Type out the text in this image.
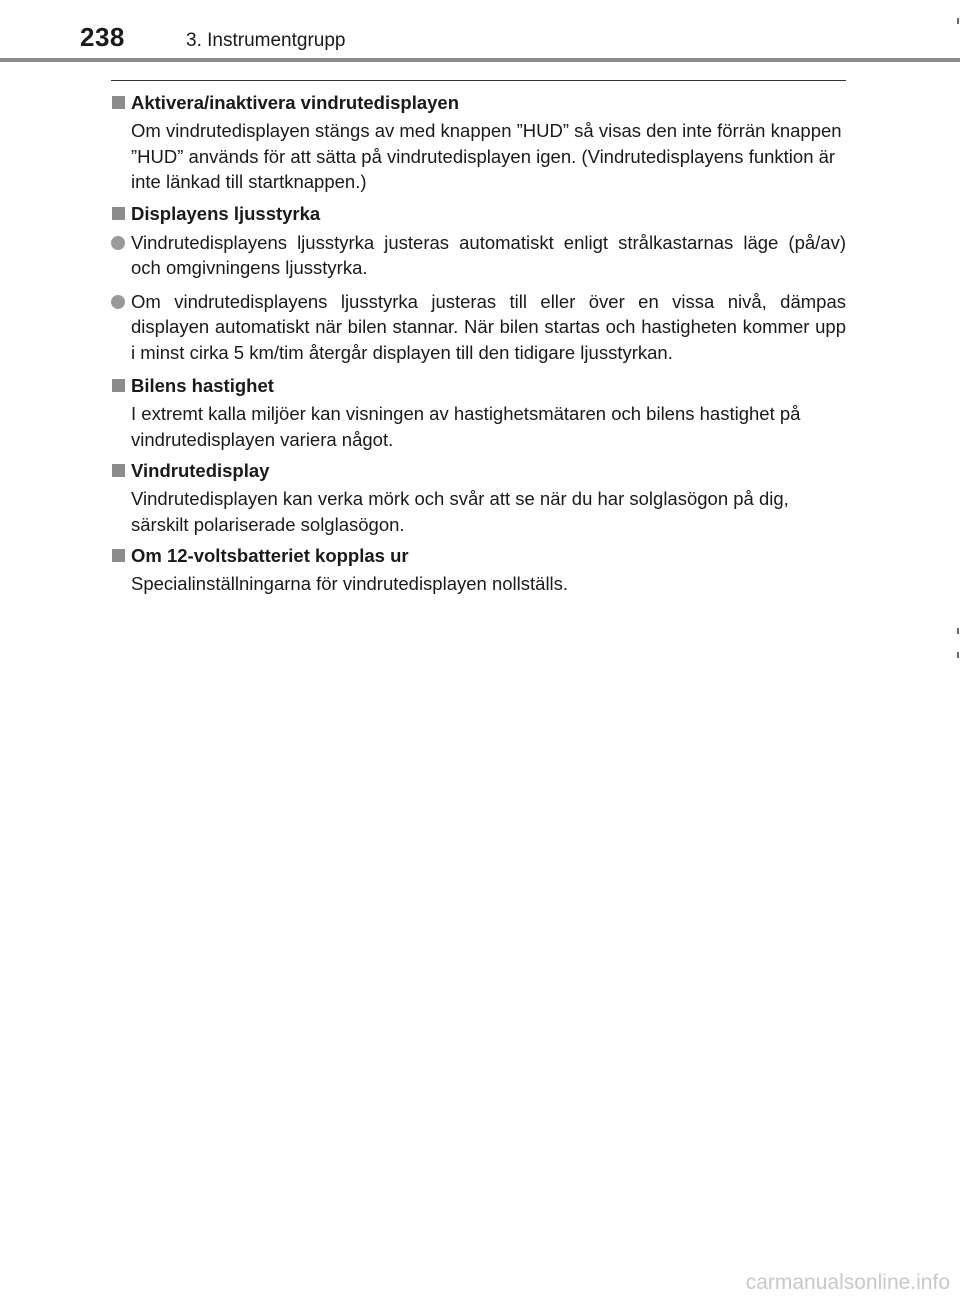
238	3. Instrumentgrupp
Aktivera/inaktivera vindrutedisplayen
Om vindrutedisplayen stängs av med knappen ”HUD” så visas den inte förrän knappen ”HUD” används för att sätta på vindrutedisplayen igen. (Vindrutedisplayens funktion är inte länkad till startknappen.)
Displayens ljusstyrka
Vindrutedisplayens ljusstyrka justeras automatiskt enligt strålkastarnas läge (på/av) och omgivningens ljusstyrka.
Om vindrutedisplayens ljusstyrka justeras till eller över en vissa nivå, dämpas displayen automatiskt när bilen stannar. När bilen startas och hastigheten kommer upp i minst cirka 5 km/tim återgår displayen till den tidigare ljusstyrkan.
Bilens hastighet
I extremt kalla miljöer kan visningen av hastighetsmätaren och bilens hastighet på vindrutedisplayen variera något.
Vindrutedisplay
Vindrutedisplayen kan verka mörk och svår att se när du har solglasögon på dig, särskilt polariserade solglasögon.
Om 12-voltsbatteriet kopplas ur
Specialinställningarna för vindrutedisplayen nollställs.
carmanualsonline.info
